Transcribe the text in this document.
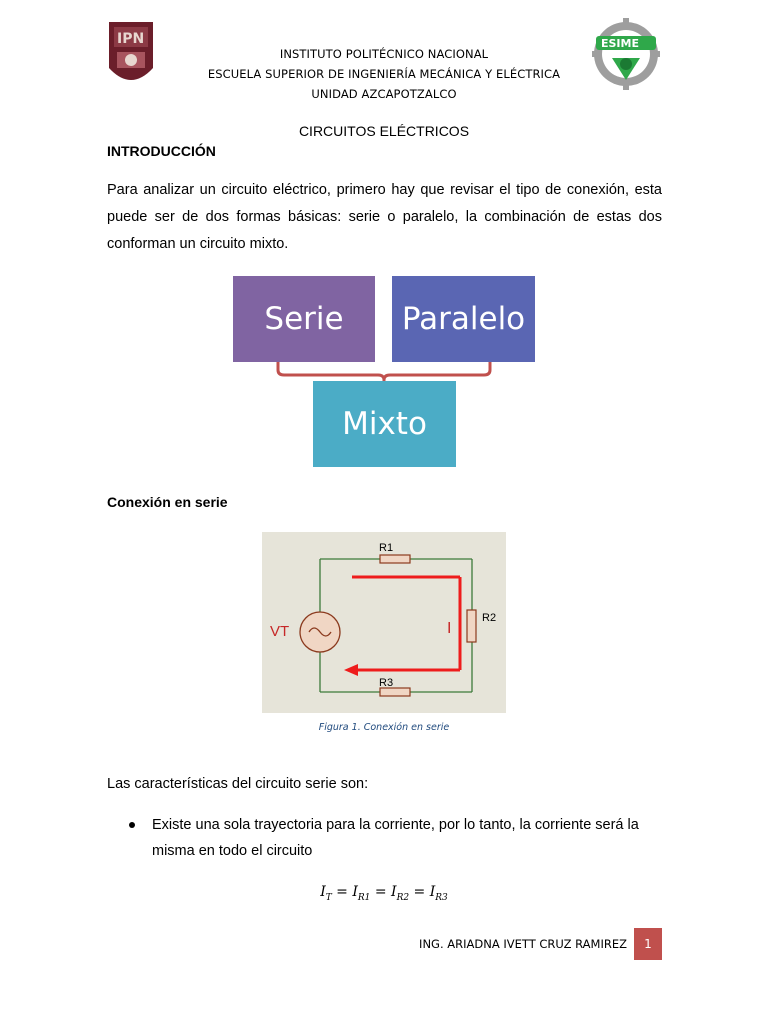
IPN	ESIME
INSTITUTO POLITÉCNICO NACIONAL
ESCUELA SUPERIOR DE INGENIERÍA MECÁNICA Y ELÉCTRICA
UNIDAD AZCAPOTZALCO
CIRCUITOS ELÉCTRICOS
INTRODUCCIÓN
Para analizar un circuito eléctrico, primero hay que revisar el tipo de conexión, esta puede ser de dos formas básicas: serie o paralelo, la combinación de estas dos conforman un circuito mixto.
Serie	Paralelo
Mixto
Conexión en serie
R1
R2
R3
VT	I
Figura 1. Conexión en serie
Las características del circuito serie son:
Existe una sola trayectoria para la corriente, por lo tanto, la corriente será la misma en todo el circuito
$I_T = I_{R1} = I_{R2} = I_{R3}$
ING. ARIADNA IVETT CRUZ RAMIREZ	1
